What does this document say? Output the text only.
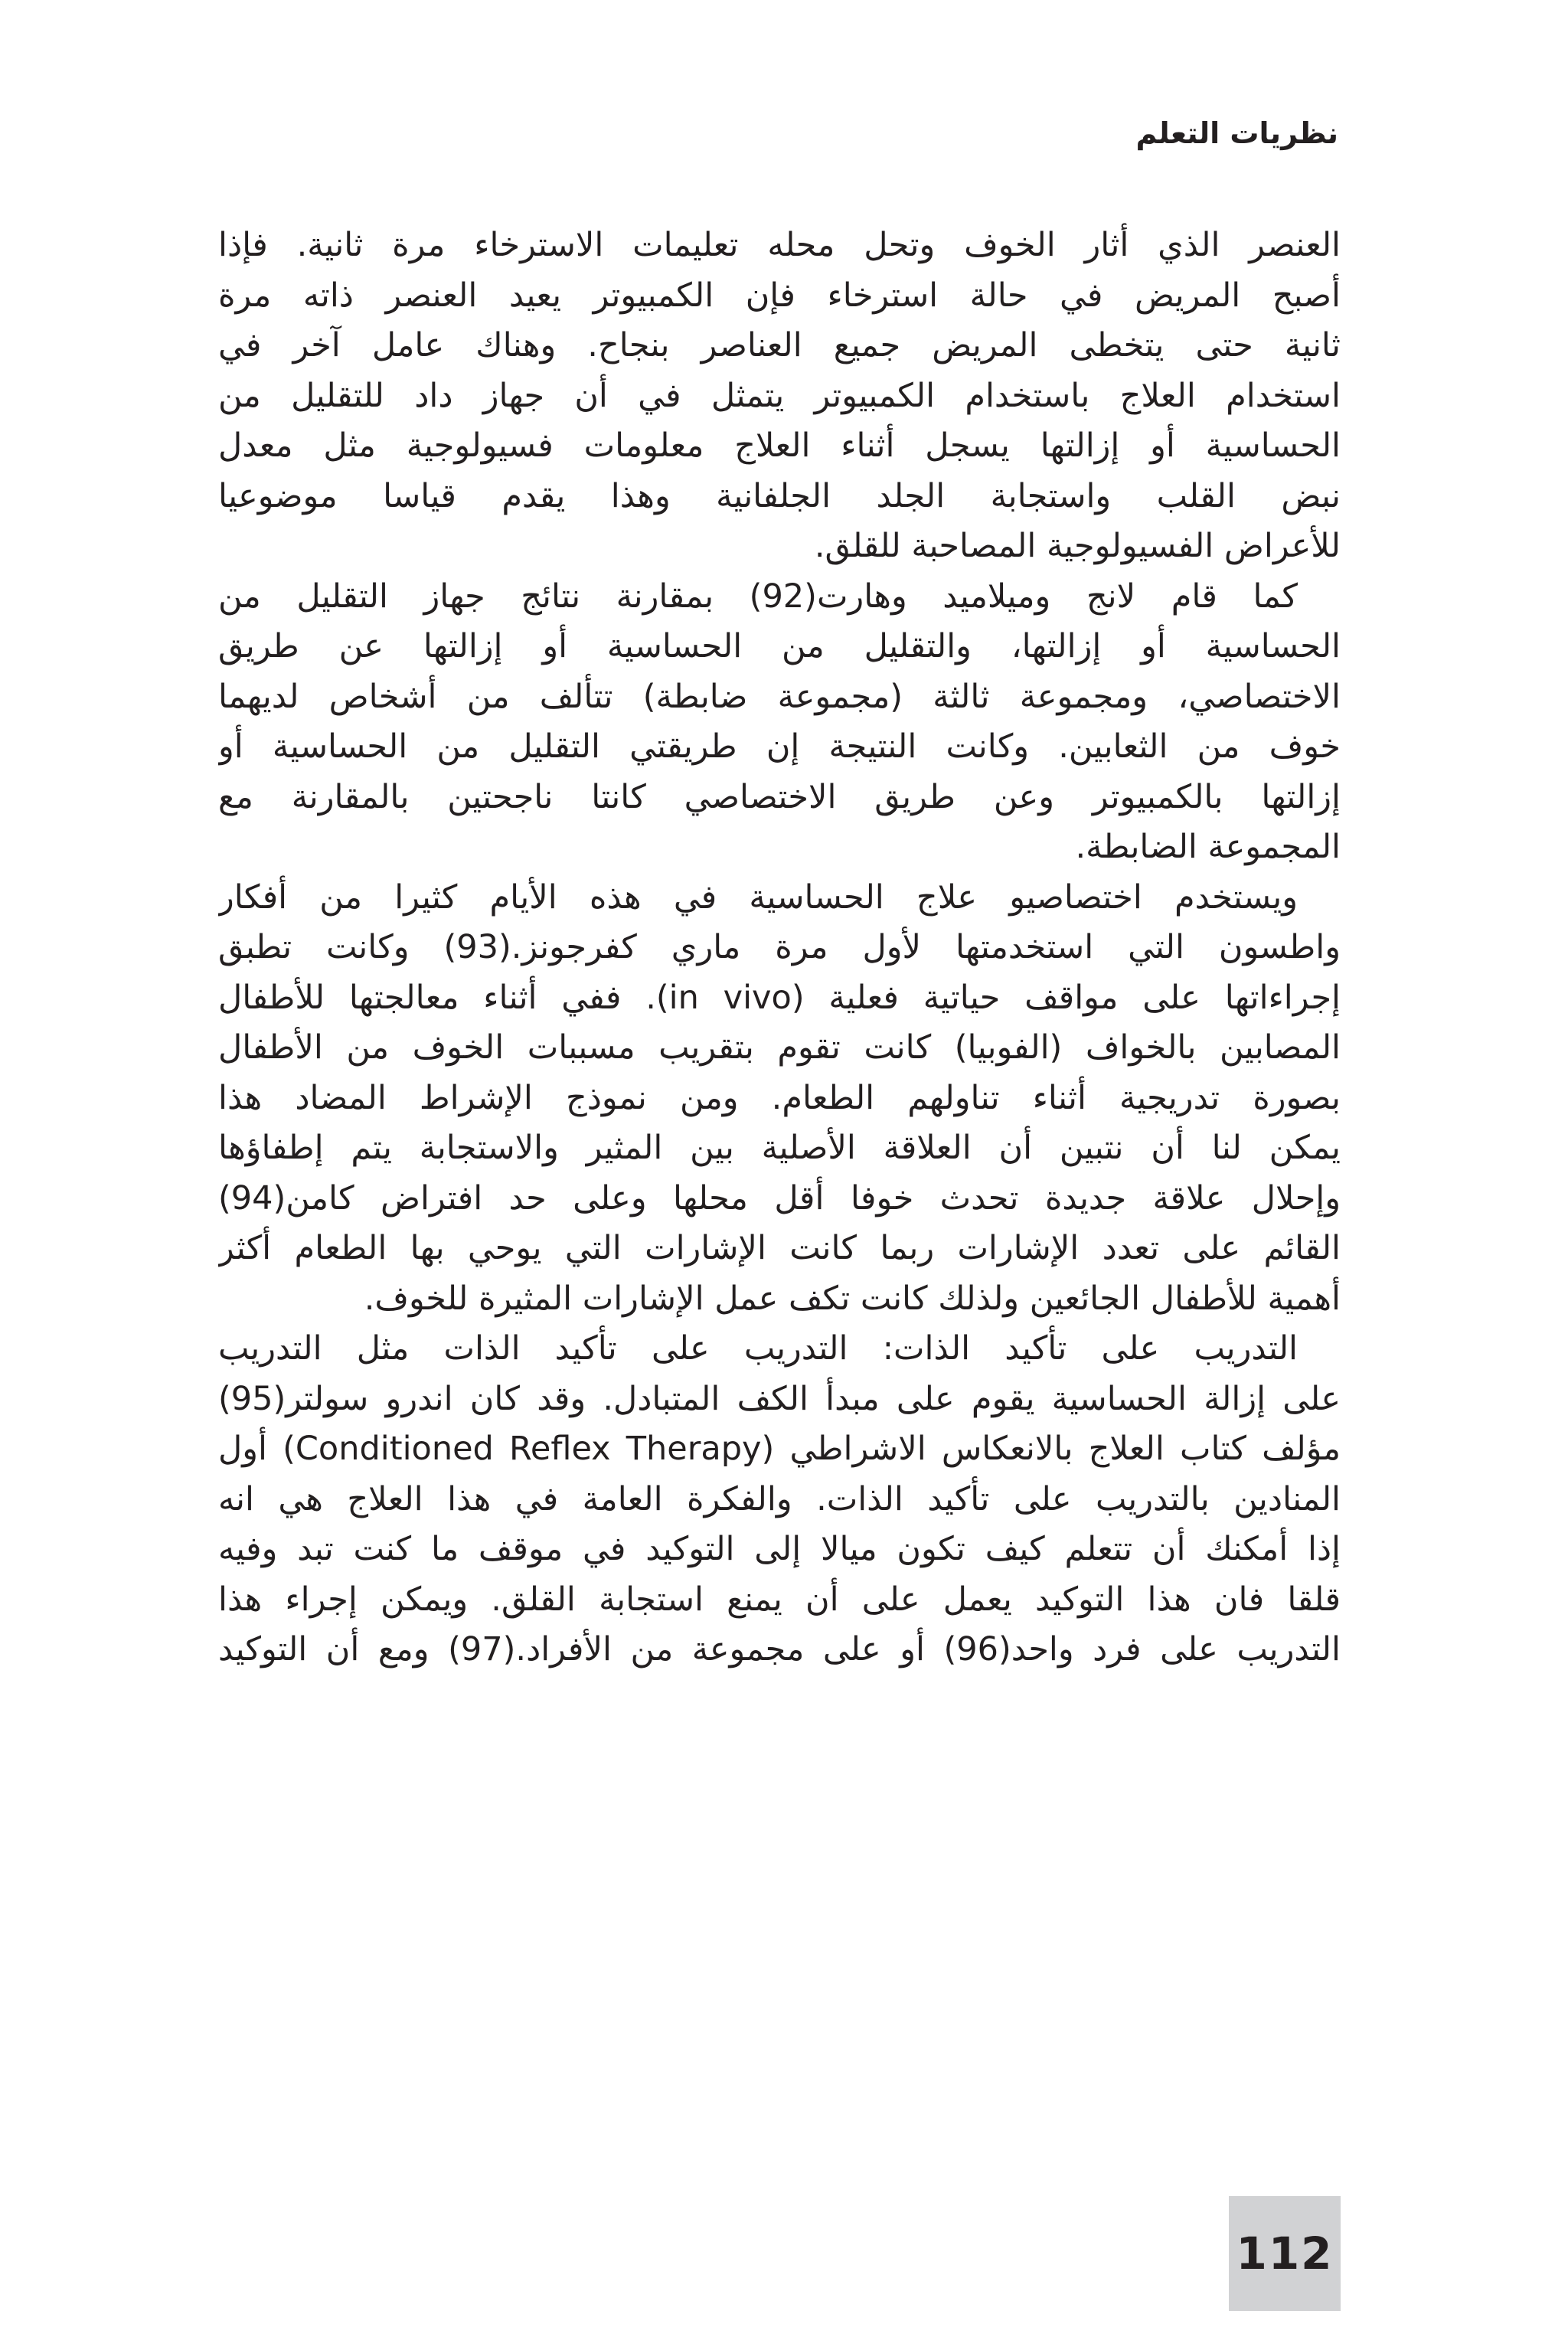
نظريات التعلم
العنصر الذي أثار الخوف وتحل محله تعليمات الاسترخاء مرة ثانية. فإذا
أصبح المريض في حالة استرخاء فإن الكمبيوتر يعيد العنصر ذاته مرة
ثانية حتى يتخطى المريض جميع العناصر بنجاح. وهناك عامل آخر في
استخدام العلاج باستخدام الكمبيوتر يتمثل في أن جهاز داد للتقليل من
الحساسية أو إزالتها يسجل أثناء العلاج معلومات فسيولوجية مثل معدل
نبض القلب واستجابة الجلد الجلفانية وهذا يقدم قياسا موضوعيا
للأعراض الفسيولوجية المصاحبة للقلق.
كما قام لانج وميلاميد وهارت(92) بمقارنة نتائج جهاز التقليل من
الحساسية أو إزالتها، والتقليل من الحساسية أو إزالتها عن طريق
الاختصاصي، ومجموعة ثالثة (مجموعة ضابطة) تتألف من أشخاص لديهما
خوف من الثعابين. وكانت النتيجة إن طريقتي التقليل من الحساسية أو
إزالتها بالكمبيوتر وعن طريق الاختصاصي كانتا ناجحتين بالمقارنة مع
المجموعة الضابطة.
ويستخدم اختصاصيو علاج الحساسية في هذه الأيام كثيرا من أفكار
واطسون التي استخدمتها لأول مرة ماري كفرجونز.(93) وكانت تطبق
إجراءاتها على مواقف حياتية فعلية (in vivo). ففي أثناء معالجتها للأطفال
المصابين بالخواف (الفوبيا) كانت تقوم بتقريب مسببات الخوف من الأطفال
بصورة تدريجية أثناء تناولهم الطعام. ومن نموذج الإشراط المضاد هذا
يمكن لنا أن نتبين أن العلاقة الأصلية بين المثير والاستجابة يتم إطفاؤها
وإحلال علاقة جديدة تحدث خوفا أقل محلها وعلى حد افتراض كامن(94)
القائم على تعدد الإشارات ربما كانت الإشارات التي يوحي بها الطعام أكثر
أهمية للأطفال الجائعين ولذلك كانت تكف عمل الإشارات المثيرة للخوف.
التدريب على تأكيد الذات: التدريب على تأكيد الذات مثل التدريب
على إزالة الحساسية يقوم على مبدأ الكف المتبادل. وقد كان اندرو سولتر(95)
مؤلف كتاب العلاج بالانعكاس الاشراطي (Conditioned Reflex Therapy) أول
المنادين بالتدريب على تأكيد الذات. والفكرة العامة في هذا العلاج هي انه
إذا أمكنك أن تتعلم كيف تكون ميالا إلى التوكيد في موقف ما كنت تبد وفيه
قلقا فان هذا التوكيد يعمل على أن يمنع استجابة القلق. ويمكن إجراء هذا
التدريب على فرد واحد(96) أو على مجموعة من الأفراد.(97) ومع أن التوكيد
112
